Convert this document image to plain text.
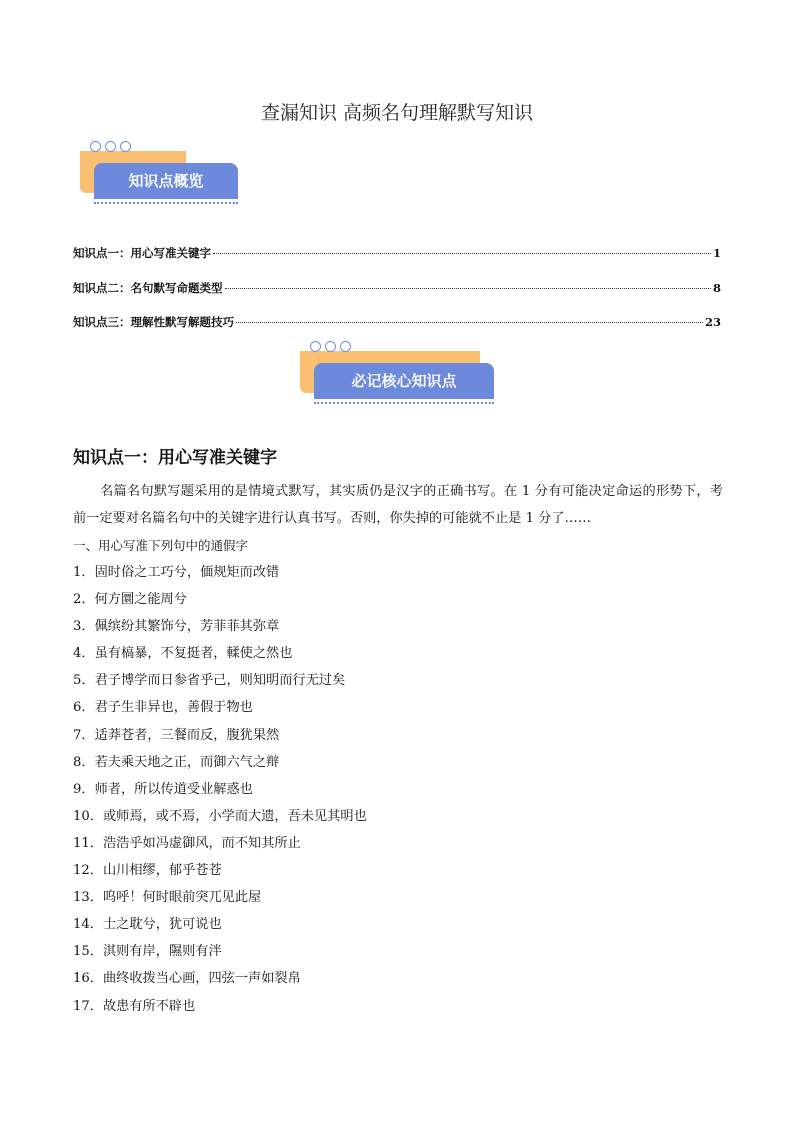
查漏知识 高频名句理解默写知识
知识点概览
知识点一：用心写准关键字	1
知识点二：名句默写命题类型	8
知识点三：理解性默写解题技巧	23
必记核心知识点
知识点一：用心写准关键字
名篇名句默写题采用的是情境式默写，其实质仍是汉字的正确书写。在 1 分有可能决定命运的形势下，考前一定要对名篇名句中的关键字进行认真书写。否则，你失掉的可能就不止是 1 分了……
一、用心写准下列句中的通假字
1．固时俗之工巧兮，偭规矩而改错
2．何方圜之能周兮
3．佩缤纷其繁饰兮，芳菲菲其弥章
4．虽有槁暴，不复挺者，輮使之然也
5．君子博学而日参省乎己，则知明而行无过矣
6．君子生非异也，善假于物也
7．适莽苍者，三餐而反，腹犹果然
8．若夫乘天地之正，而御六气之辩
9．师者，所以传道受业解惑也
10．或师焉，或不焉，小学而大遗，吾未见其明也
11．浩浩乎如冯虚御风，而不知其所止
12．山川相缪，郁乎苍苍
13．呜呼！何时眼前突兀见此屋
14．士之耽兮，犹可说也
15．淇则有岸，隰则有泮
16．曲终收拨当心画，四弦一声如裂帛
17．故患有所不辟也
